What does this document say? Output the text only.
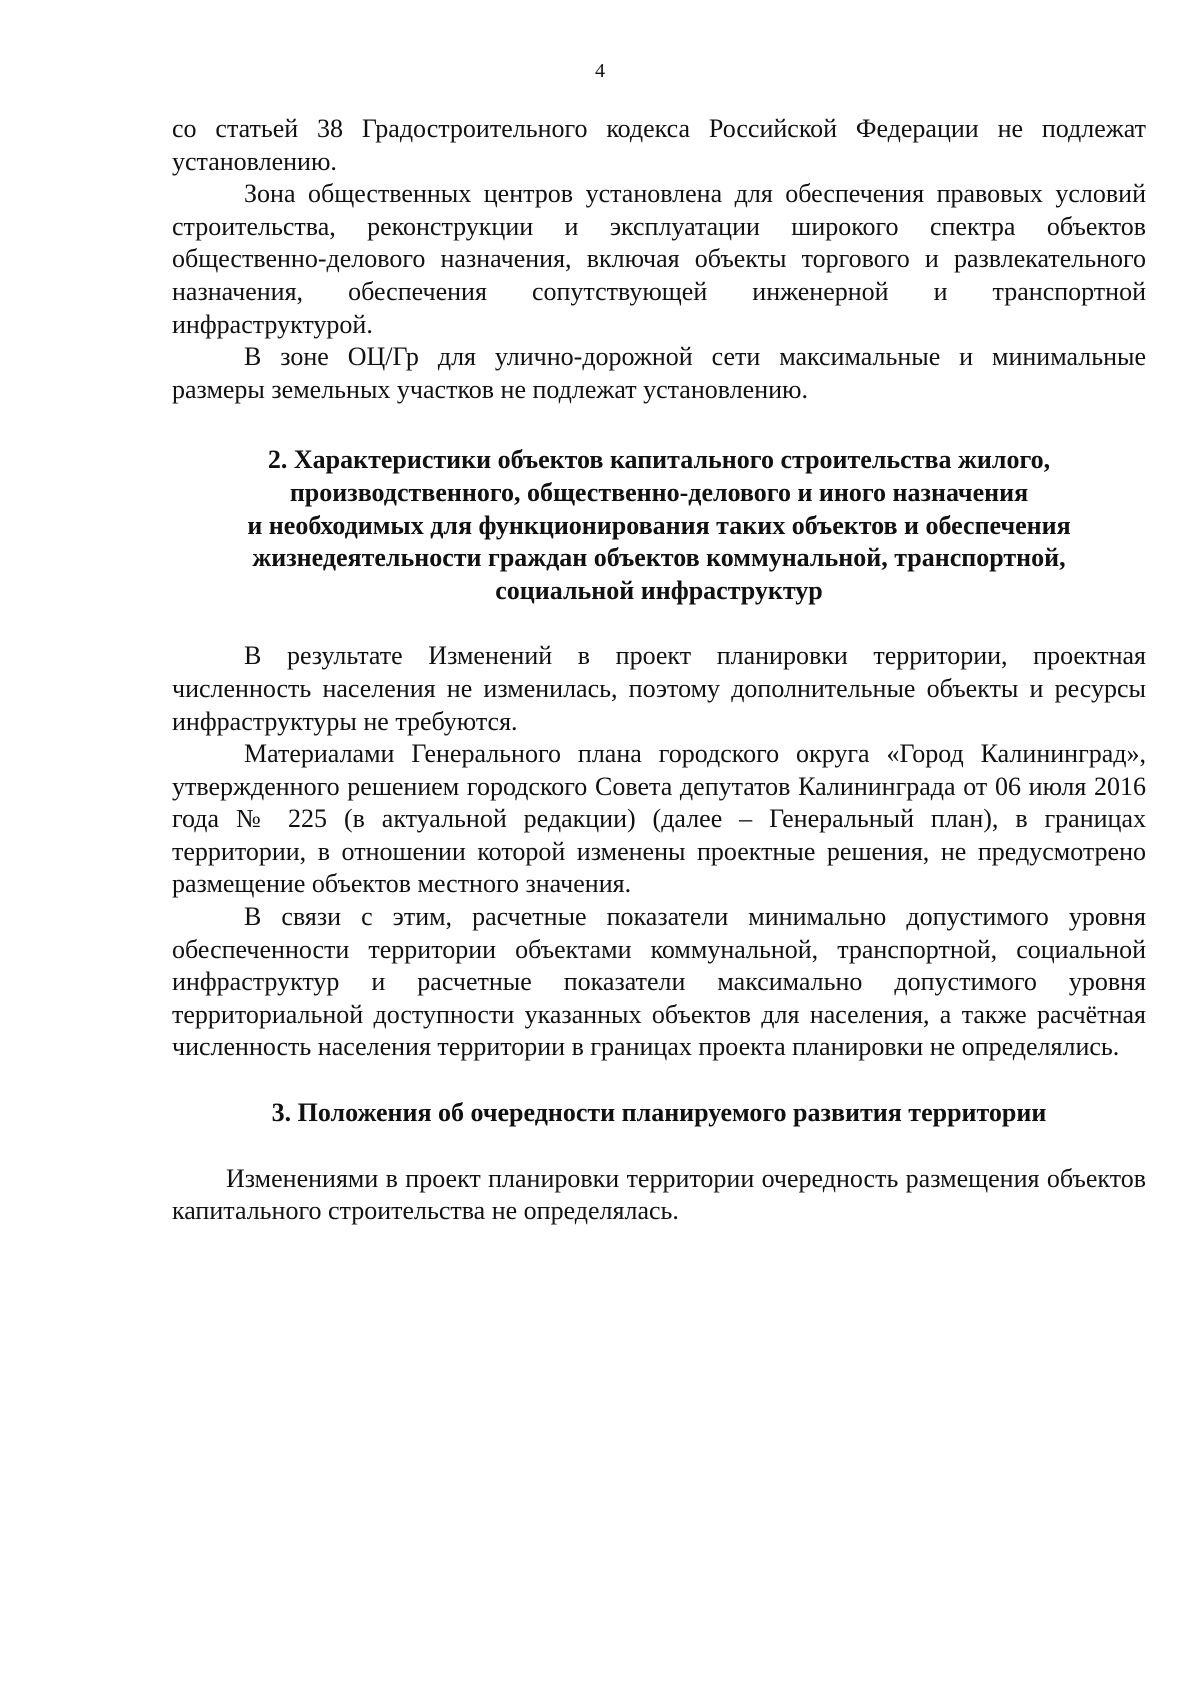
4

со статьей 38 Градостроительного кодекса Российской Федерации не подлежат установлению.

Зона общественных центров установлена для обеспечения правовых условий строительства, реконструкции и эксплуатации широкого спектра объектов общественно-делового назначения, включая объекты торгового и развлекательного назначения, обеспечения сопутствующей инженерной и транспортной инфраструктурой.

В зоне ОЦ/Гр для улично-дорожной сети максимальные и минимальные размеры земельных участков не подлежат установлению.

2. Характеристики объектов капитального строительства жилого,
производственного, общественно-делового и иного назначения
и необходимых для функционирования таких объектов и обеспечения
жизнедеятельности граждан объектов коммунальной, транспортной,
социальной инфраструктур

В результате Изменений в проект планировки территории, проектная численность населения не изменилась, поэтому дополнительные объекты и ресурсы инфраструктуры не требуются.

Материалами Генерального плана городского округа «Город Калининград», утвержденного решением городского Совета депутатов Калининграда от 06 июля 2016 года № 225 (в актуальной редакции) (далее – Генеральный план), в границах территории, в отношении которой изменены проектные решения, не предусмотрено размещение объектов местного значения.

В связи с этим, расчетные показатели минимально допустимого уровня обеспеченности территории объектами коммунальной, транспортной, социальной инфраструктур и расчетные показатели максимально допустимого уровня территориальной доступности указанных объектов для населения, а также расчётная численность населения территории в границах проекта планировки не определялись.

3. Положения об очередности планируемого развития территории

Изменениями в проект планировки территории очередность размещения объектов капитального строительства не определялась.
